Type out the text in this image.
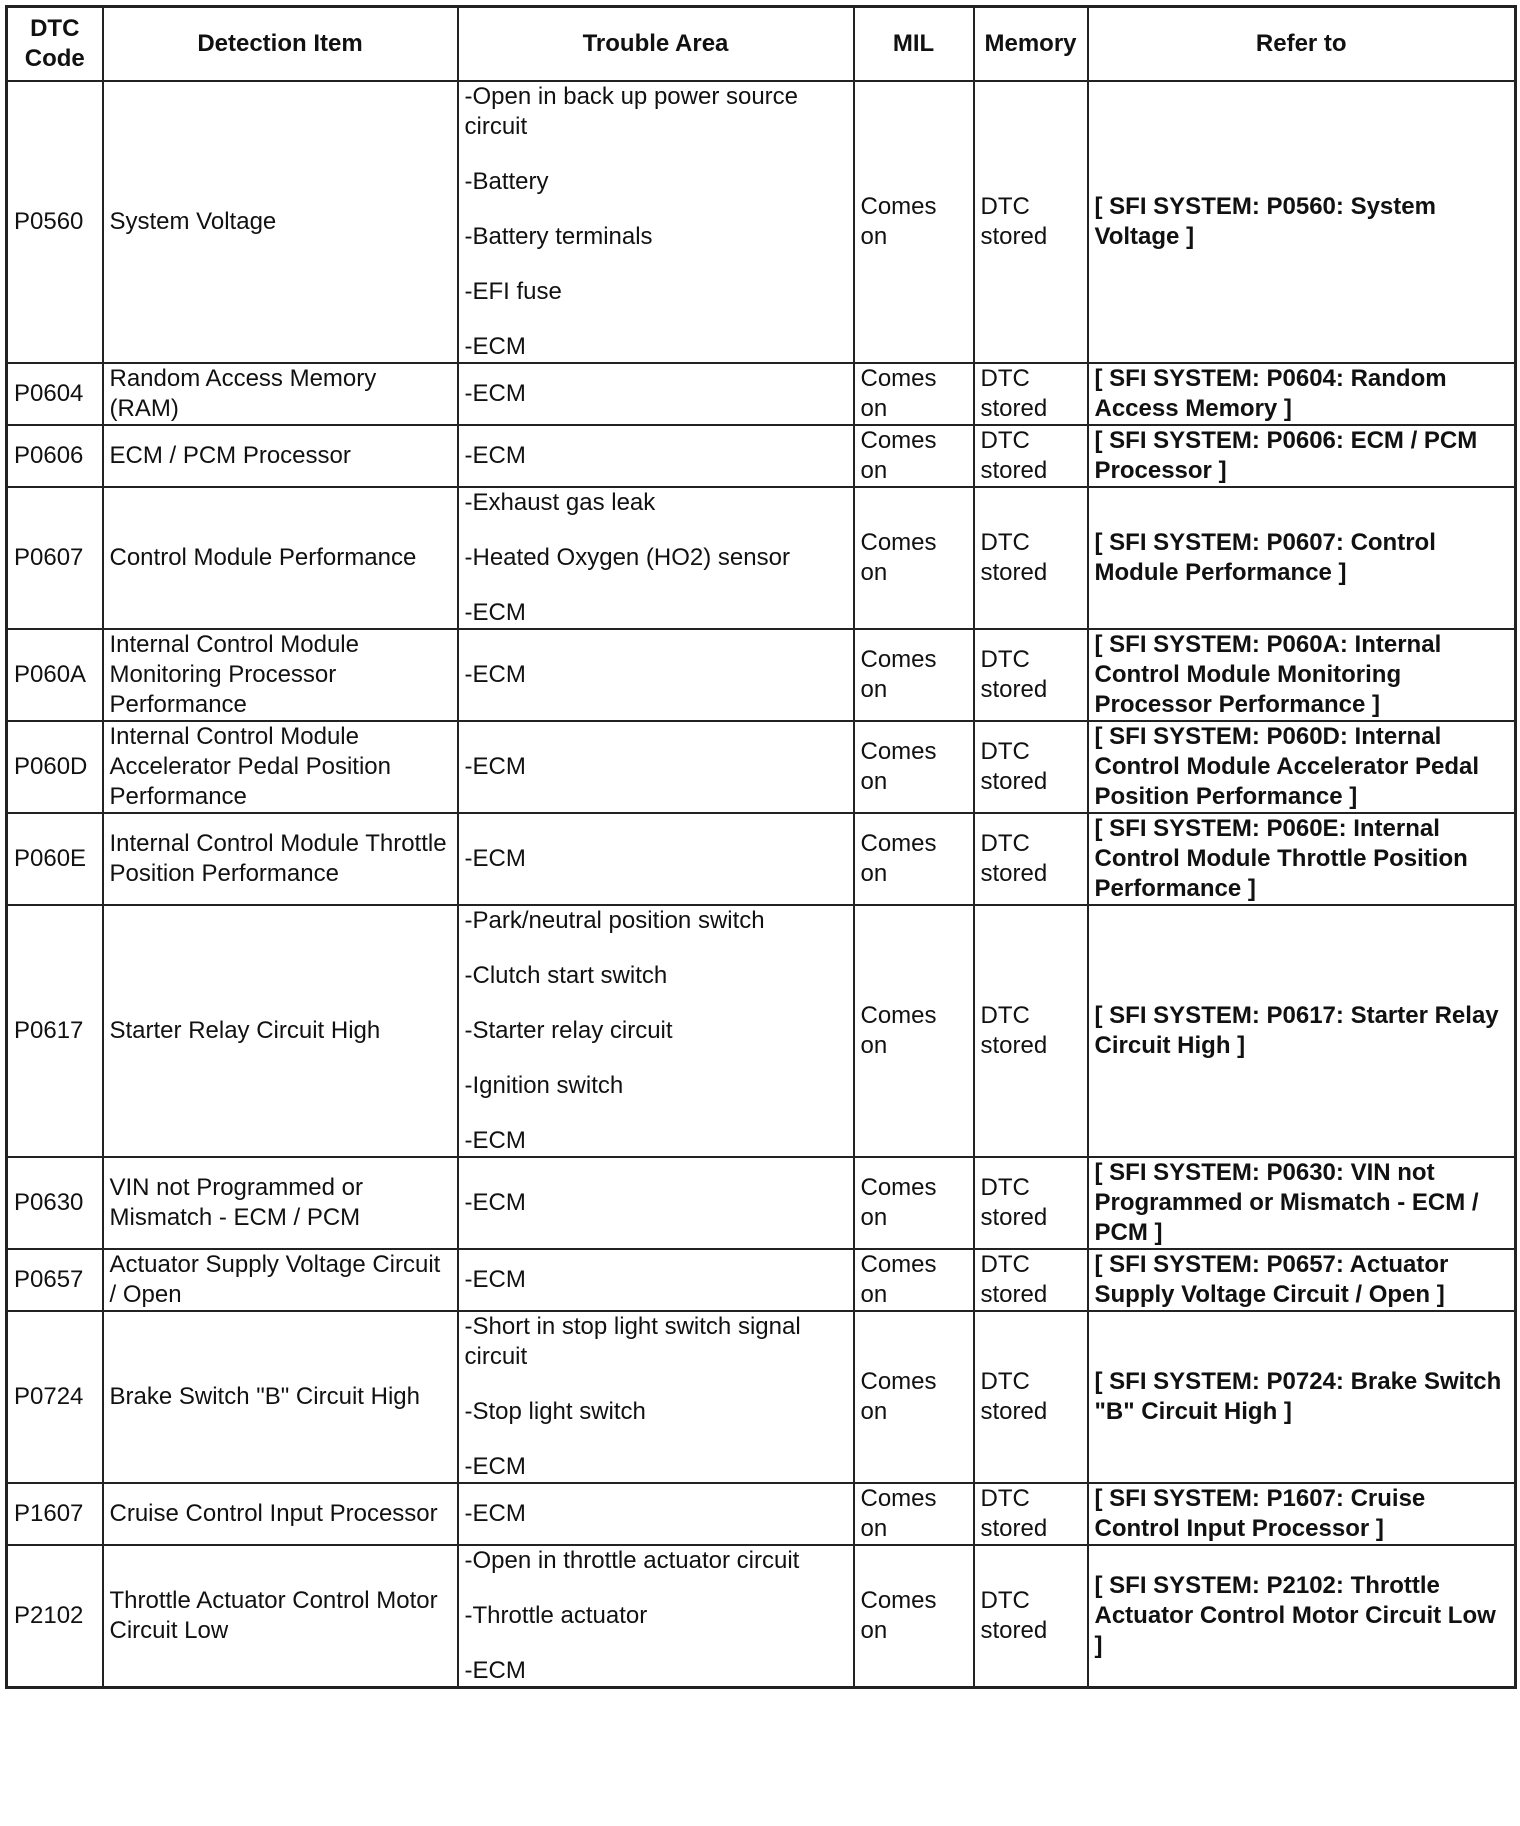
DTC Code	Detection Item	Trouble Area	MIL	Memory	Refer to
P0560	System Voltage	-Open in back up power source circuit
-Battery
-Battery terminals
-EFI fuse
-ECM	Comes on	DTC stored	[ SFI SYSTEM: P0560: System Voltage ]
P0604	Random Access Memory (RAM)	-ECM	Comes on	DTC stored	[ SFI SYSTEM: P0604: Random Access Memory ]
P0606	ECM / PCM Processor	-ECM	Comes on	DTC stored	[ SFI SYSTEM: P0606: ECM / PCM Processor ]
P0607	Control Module Performance	-Exhaust gas leak
-Heated Oxygen (HO2) sensor
-ECM	Comes on	DTC stored	[ SFI SYSTEM: P0607: Control Module Performance ]
P060A	Internal Control Module Monitoring Processor Performance	-ECM	Comes on	DTC stored	[ SFI SYSTEM: P060A: Internal Control Module Monitoring Processor Performance ]
P060D	Internal Control Module Accelerator Pedal Position Performance	-ECM	Comes on	DTC stored	[ SFI SYSTEM: P060D: Internal Control Module Accelerator Pedal Position Performance ]
P060E	Internal Control Module Throttle Position Performance	-ECM	Comes on	DTC stored	[ SFI SYSTEM: P060E: Internal Control Module Throttle Position Performance ]
P0617	Starter Relay Circuit High	-Park/neutral position switch
-Clutch start switch
-Starter relay circuit
-Ignition switch
-ECM	Comes on	DTC stored	[ SFI SYSTEM: P0617: Starter Relay Circuit High ]
P0630	VIN not Programmed or Mismatch - ECM / PCM	-ECM	Comes on	DTC stored	[ SFI SYSTEM: P0630: VIN not Programmed or Mismatch - ECM / PCM ]
P0657	Actuator Supply Voltage Circuit / Open	-ECM	Comes on	DTC stored	[ SFI SYSTEM: P0657: Actuator Supply Voltage Circuit / Open ]
P0724	Brake Switch "B" Circuit High	-Short in stop light switch signal circuit
-Stop light switch
-ECM	Comes on	DTC stored	[ SFI SYSTEM: P0724: Brake Switch "B" Circuit High ]
P1607	Cruise Control Input Processor	-ECM	Comes on	DTC stored	[ SFI SYSTEM: P1607: Cruise Control Input Processor ]
P2102	Throttle Actuator Control Motor Circuit Low	-Open in throttle actuator circuit
-Throttle actuator
-ECM	Comes on	DTC stored	[ SFI SYSTEM: P2102: Throttle Actuator Control Motor Circuit Low ]
